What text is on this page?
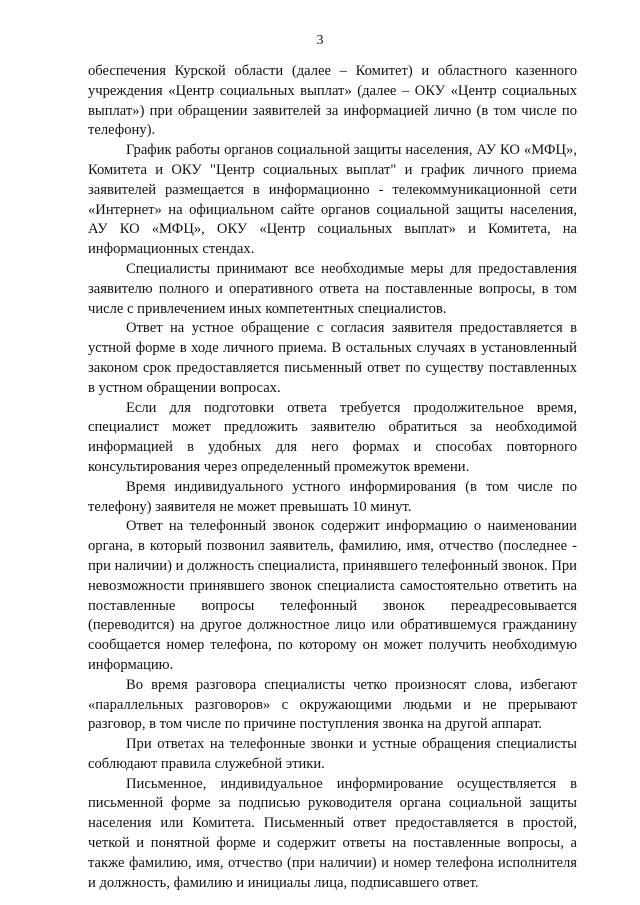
3

обеспечения Курской области (далее – Комитет) и областного казенного учреждения «Центр социальных выплат» (далее – ОКУ «Центр социальных выплат») при обращении заявителей за информацией лично (в том числе по телефону).

График работы органов социальной защиты населения, АУ КО «МФЦ», Комитета и ОКУ "Центр социальных выплат" и график личного приема заявителей размещается в информационно - телекоммуникационной сети «Интернет» на официальном сайте органов социальной защиты населения, АУ КО «МФЦ», ОКУ «Центр социальных выплат» и Комитета, на информационных стендах.

Специалисты принимают все необходимые меры для предоставления заявителю полного и оперативного ответа на поставленные вопросы, в том числе с привлечением иных компетентных специалистов.

Ответ на устное обращение с согласия заявителя предоставляется в устной форме в ходе личного приема. В остальных случаях в установленный законом срок предоставляется письменный ответ по существу поставленных в устном обращении вопросах.

Если для подготовки ответа требуется продолжительное время, специалист может предложить заявителю обратиться за необходимой информацией в удобных для него формах и способах повторного консультирования через определенный промежуток времени.

Время индивидуального устного информирования (в том числе по телефону) заявителя не может превышать 10 минут.

Ответ на телефонный звонок содержит информацию о наименовании органа, в который позвонил заявитель, фамилию, имя, отчество (последнее - при наличии) и должность специалиста, принявшего телефонный звонок. При невозможности принявшего звонок специалиста самостоятельно ответить на поставленные вопросы телефонный звонок переадресовывается (переводится) на другое должностное лицо или обратившемуся гражданину сообщается номер телефона, по которому он может получить необходимую информацию.

Во время разговора специалисты четко произносят слова, избегают «параллельных разговоров» с окружающими людьми и не прерывают разговор, в том числе по причине поступления звонка на другой аппарат.

При ответах на телефонные звонки и устные обращения специалисты соблюдают правила служебной этики.

Письменное, индивидуальное информирование осуществляется в письменной форме за подписью руководителя органа социальной защиты населения или Комитета. Письменный ответ предоставляется в простой, четкой и понятной форме и содержит ответы на поставленные вопросы, а также фамилию, имя, отчество (при наличии) и номер телефона исполнителя и должность, фамилию и инициалы лица, подписавшего ответ.
